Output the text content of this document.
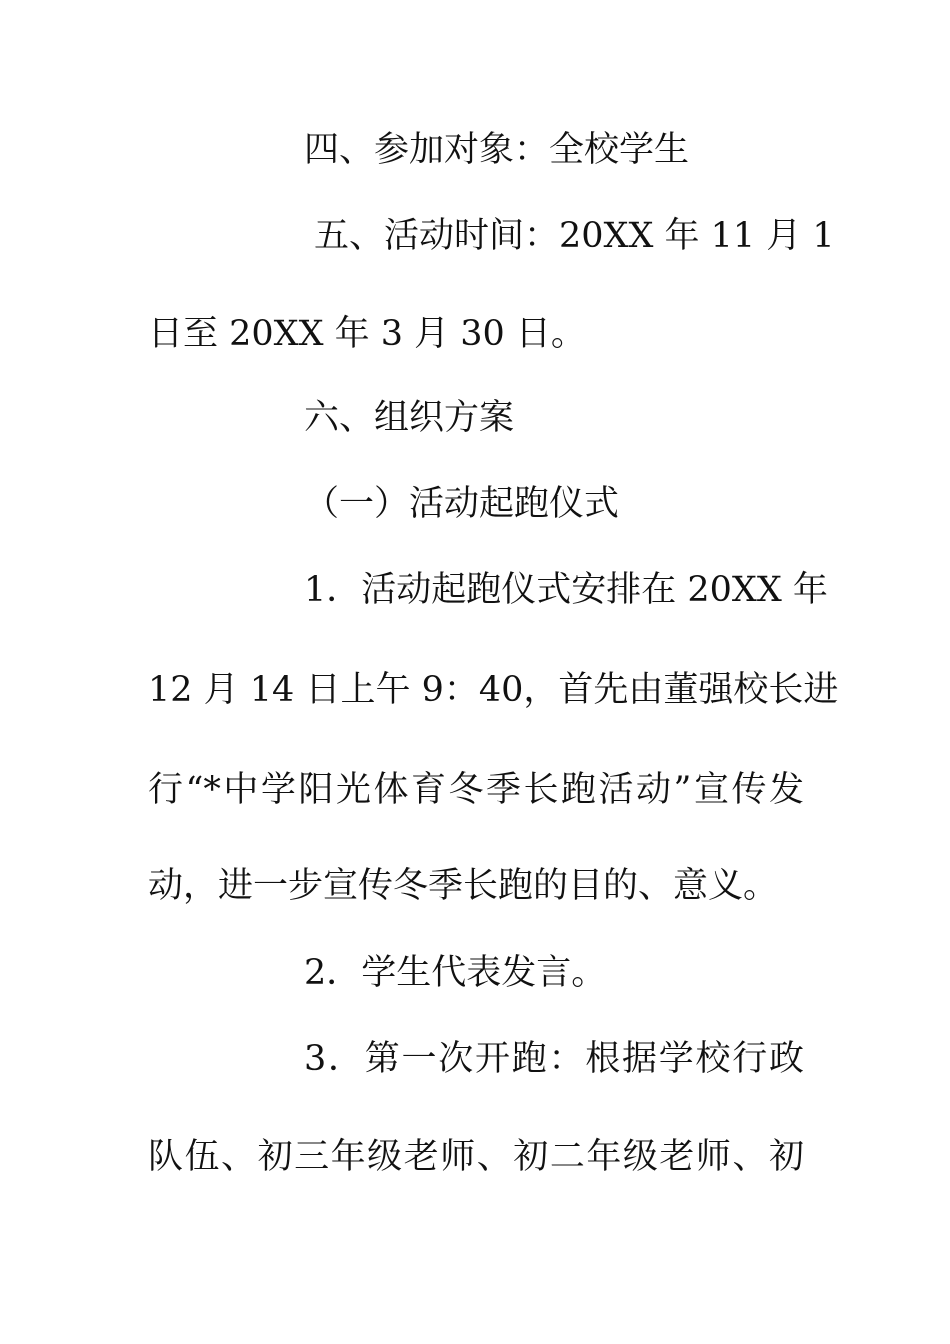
四、参加对象：全校学生
五、活动时间：20XX 年 11 月 1
日至 20XX 年 3 月 30 日。
六、组织方案
（一）活动起跑仪式
1．活动起跑仪式安排在 20XX 年
12 月 14 日上午 9：40，首先由董强校长进
行“*中学阳光体育冬季长跑活动”宣传发
动，进一步宣传冬季长跑的目的、意义。
2．学生代表发言。
3．第一次开跑：根据学校行政
队伍、初三年级老师、初二年级老师、初
